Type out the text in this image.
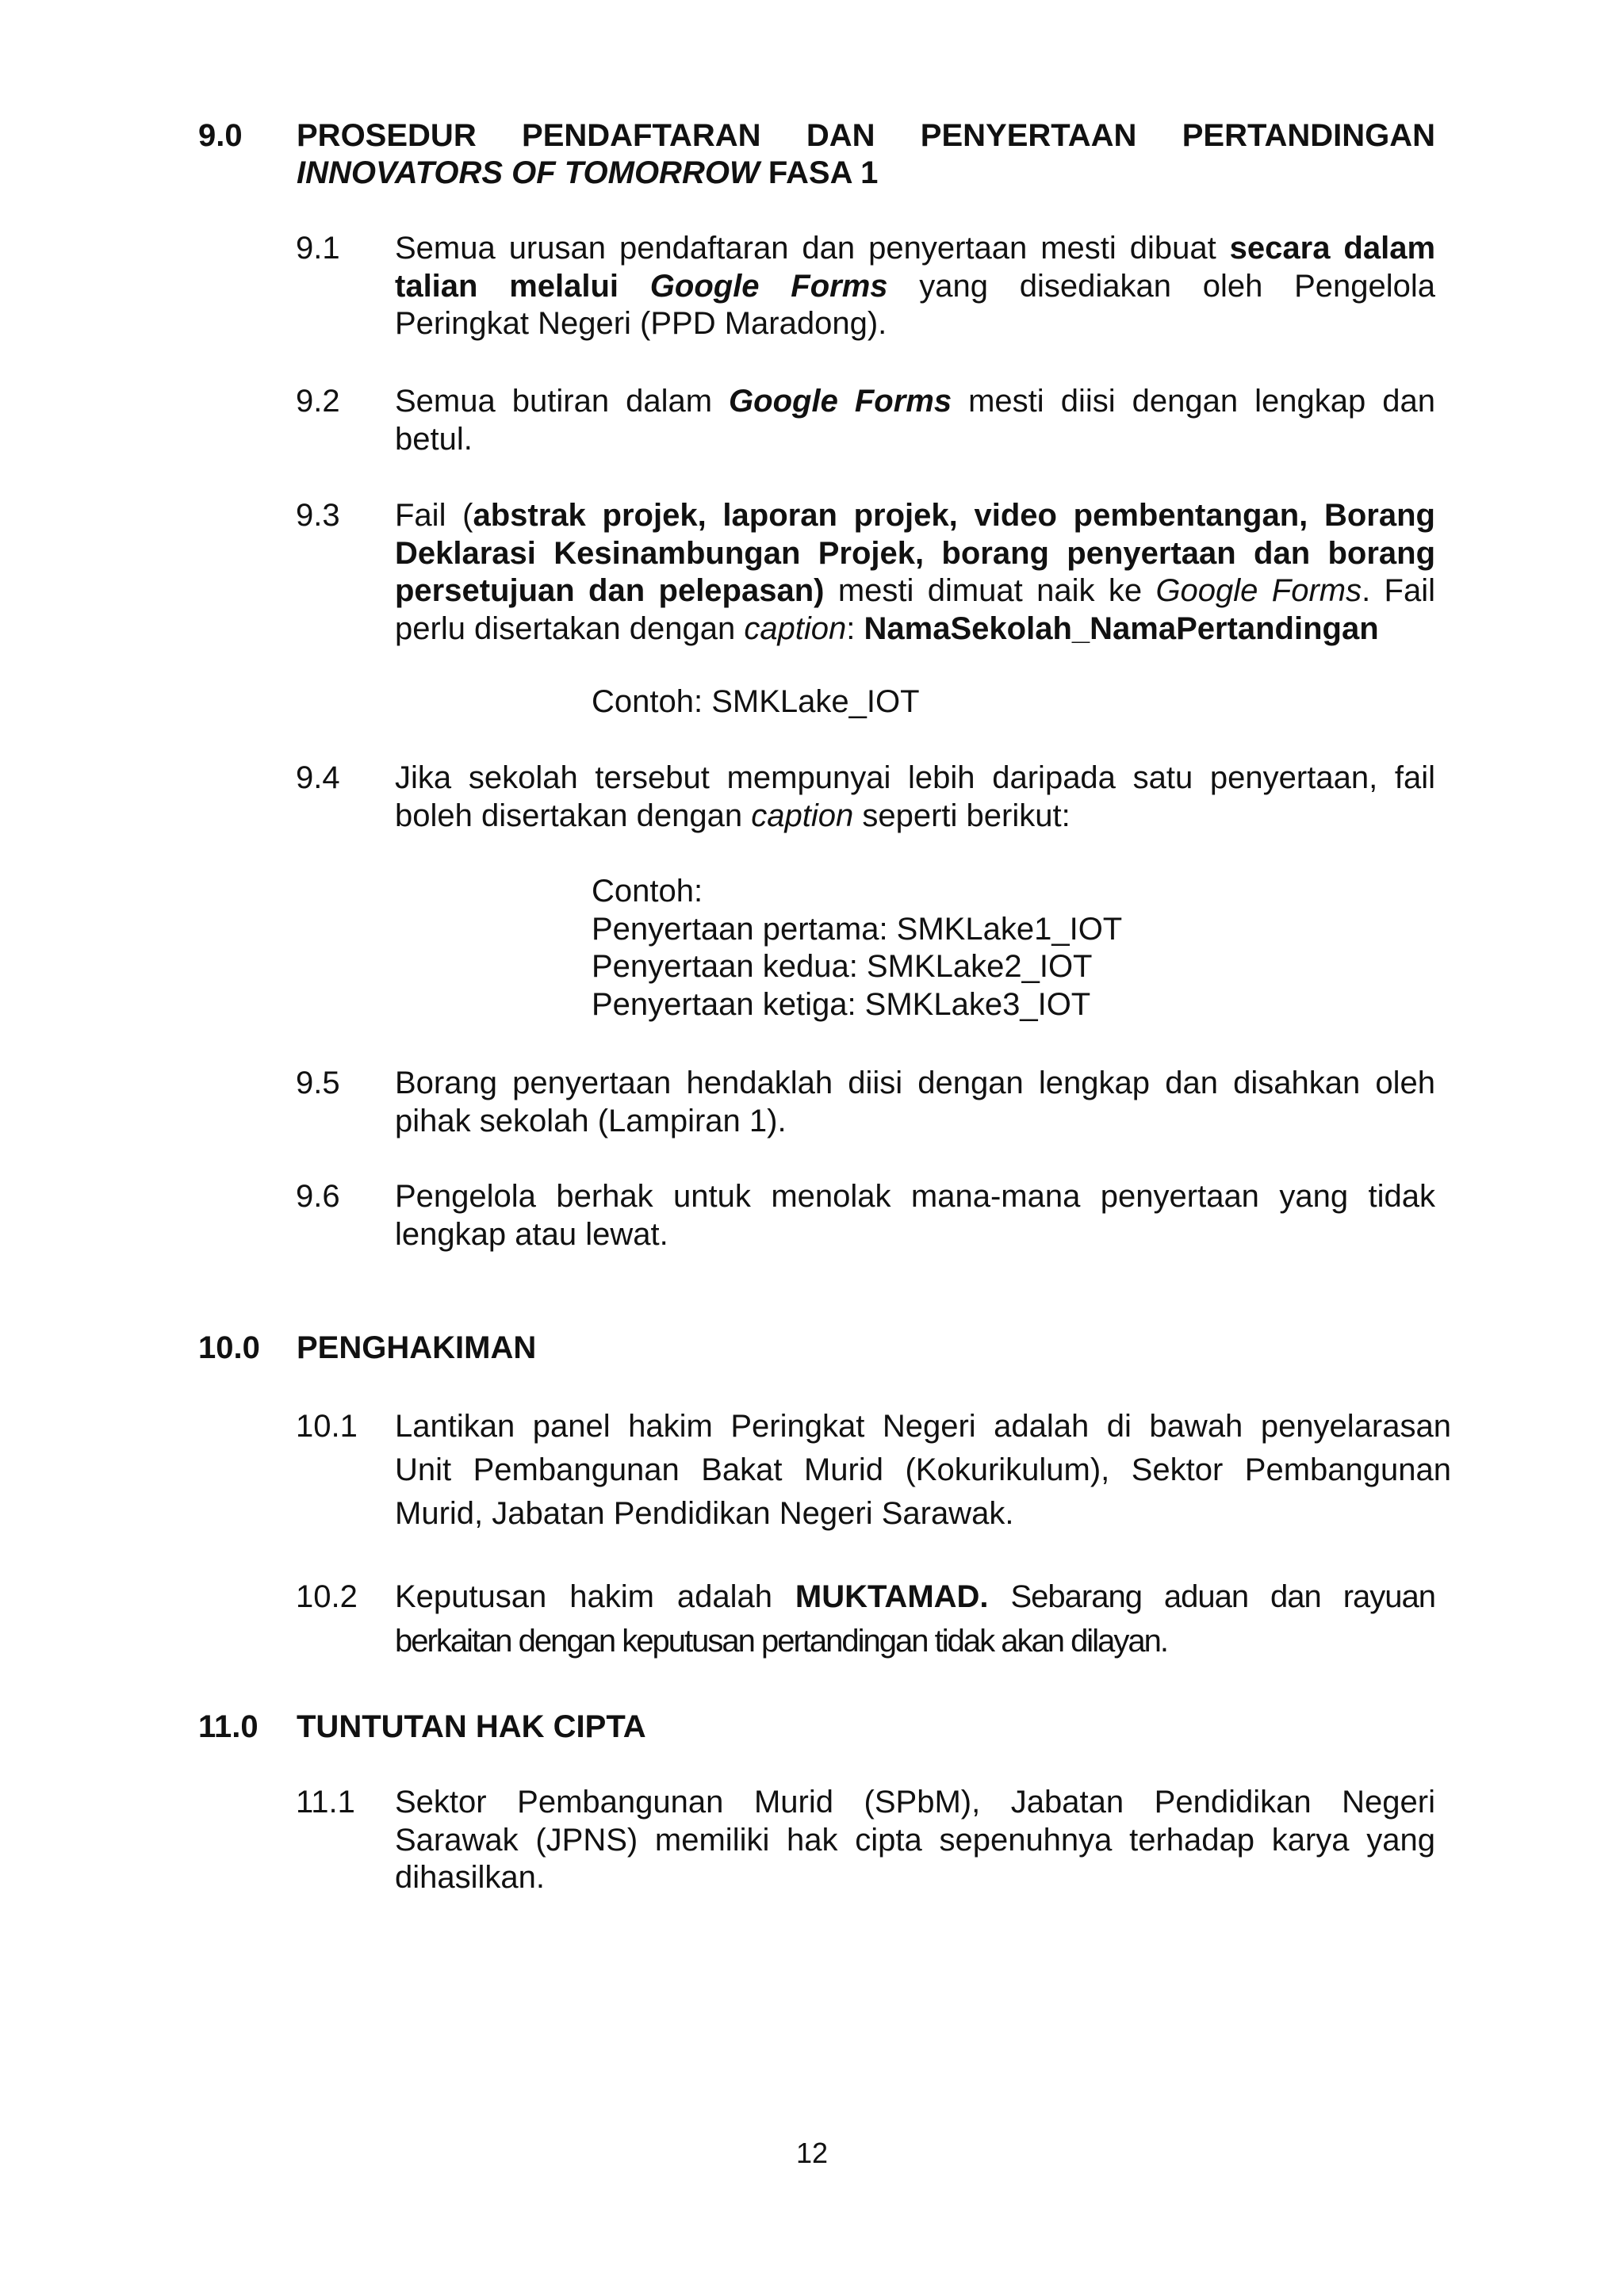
9.0 PROSEDUR PENDAFTARAN DAN PENYERTAAN PERTANDINGAN
INNOVATORS OF TOMORROW FASA 1
9.1 Semua urusan pendaftaran dan penyertaan mesti dibuat secara dalam
talian melalui Google Forms yang disediakan oleh Pengelola
Peringkat Negeri (PPD Maradong).
9.2 Semua butiran dalam Google Forms mesti diisi dengan lengkap dan
betul.
9.3 Fail (abstrak projek, laporan projek, video pembentangan, Borang
Deklarasi Kesinambungan Projek, borang penyertaan dan borang
persetujuan dan pelepasan) mesti dimuat naik ke Google Forms. Fail
perlu disertakan dengan caption: NamaSekolah_NamaPertandingan
Contoh: SMKLake_IOT
9.4 Jika sekolah tersebut mempunyai lebih daripada satu penyertaan, fail
boleh disertakan dengan caption seperti berikut:
Contoh:
Penyertaan pertama: SMKLake1_IOT
Penyertaan kedua: SMKLake2_IOT
Penyertaan ketiga: SMKLake3_IOT
9.5 Borang penyertaan hendaklah diisi dengan lengkap dan disahkan oleh
pihak sekolah (Lampiran 1).
9.6 Pengelola berhak untuk menolak mana-mana penyertaan yang tidak
lengkap atau lewat.
10.0 PENGHAKIMAN
10.1 Lantikan panel hakim Peringkat Negeri adalah di bawah penyelarasan
Unit Pembangunan Bakat Murid (Kokurikulum), Sektor Pembangunan
Murid, Jabatan Pendidikan Negeri Sarawak.
10.2 Keputusan hakim adalah MUKTAMAD. Sebarang aduan dan rayuan
berkaitan dengan keputusan pertandingan tidak akan dilayan.
11.0 TUNTUTAN HAK CIPTA
11.1 Sektor Pembangunan Murid (SPbM), Jabatan Pendidikan Negeri
Sarawak (JPNS) memiliki hak cipta sepenuhnya terhadap karya yang
dihasilkan.
12
